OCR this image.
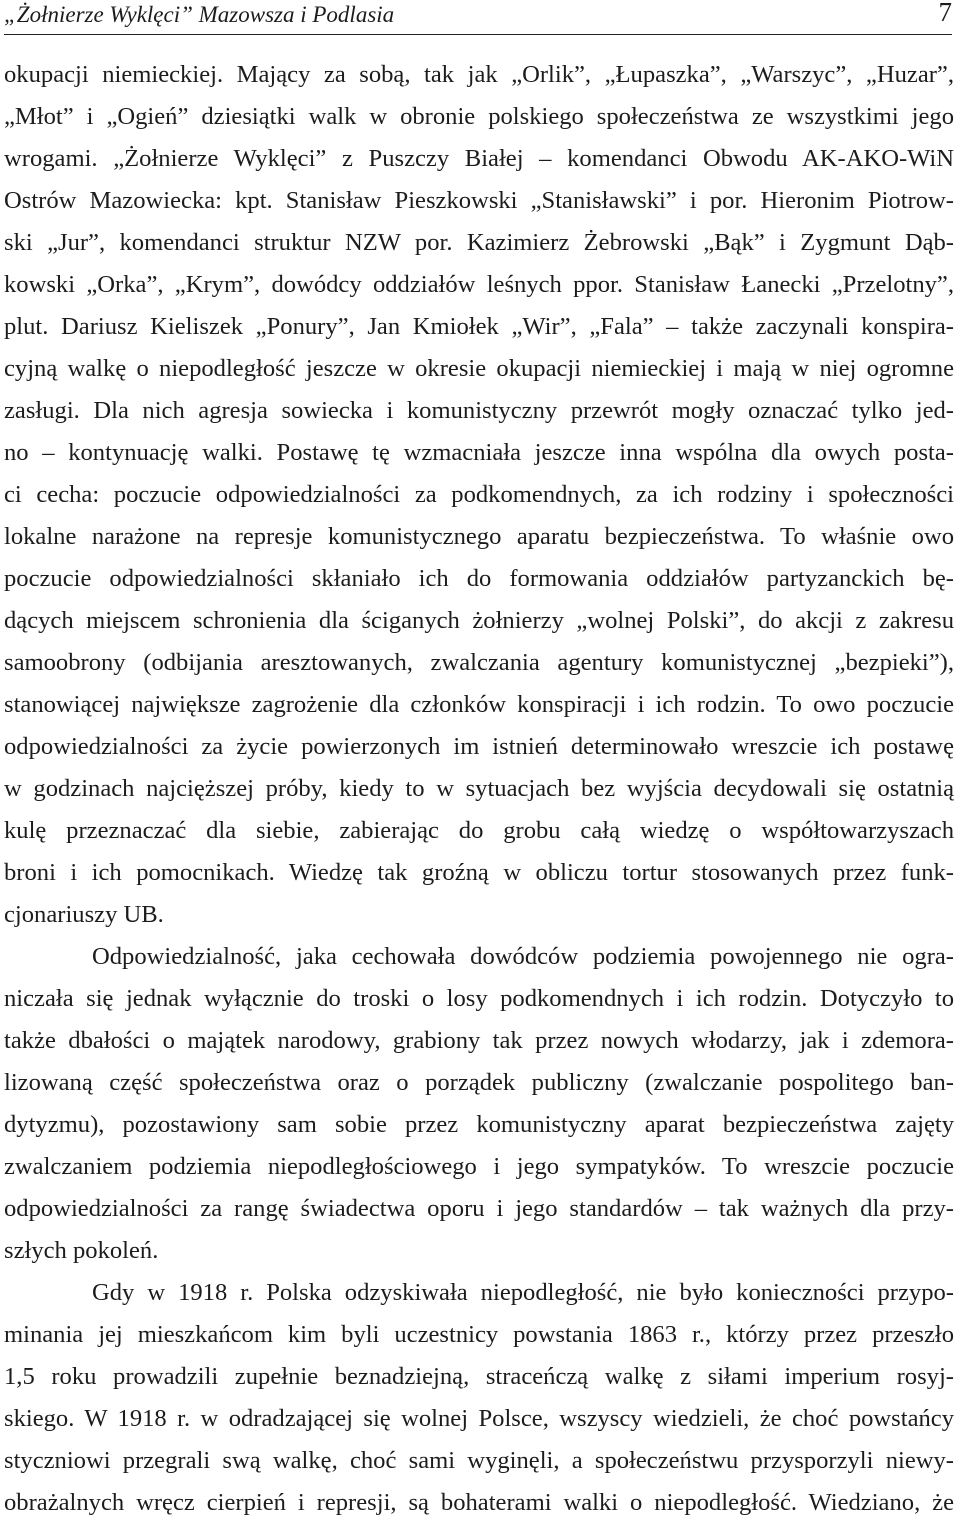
„Żołnierze Wyklęci” Mazowsza i Podlasia	7
okupacji niemieckiej. Mający za sobą, tak jak „Orlik”, „Łupaszka”, „Warszyc”, „Huzar”,
„Młot” i „Ogień” dziesiątki walk w obronie polskiego społeczeństwa ze wszystkimi jego
wrogami. „Żołnierze Wyklęci” z Puszczy Białej – komendanci Obwodu AK-AKO-WiN
Ostrów Mazowiecka: kpt. Stanisław Pieszkowski „Stanisławski” i por. Hieronim Piotrow-
ski „Jur”, komendanci struktur NZW por. Kazimierz Żebrowski „Bąk” i Zygmunt Dąb-
kowski „Orka”, „Krym”, dowódcy oddziałów leśnych ppor. Stanisław Łanecki „Przelotny”,
plut. Dariusz Kieliszek „Ponury”, Jan Kmiołek „Wir”, „Fala” – także zaczynali konspira-
cyjną walkę o niepodległość jeszcze w okresie okupacji niemieckiej i mają w niej ogromne
zasługi. Dla nich agresja sowiecka i komunistyczny przewrót mogły oznaczać tylko jed-
no – kontynuację walki. Postawę tę wzmacniała jeszcze inna wspólna dla owych posta-
ci cecha: poczucie odpowiedzialności za podkomendnych, za ich rodziny i społeczności
lokalne narażone na represje komunistycznego aparatu bezpieczeństwa. To właśnie owo
poczucie odpowiedzialności skłaniało ich do formowania oddziałów partyzanckich bę-
dących miejscem schronienia dla ściganych żołnierzy „wolnej Polski”, do akcji z zakresu
samoobrony (odbijania aresztowanych, zwalczania agentury komunistycznej „bezpieki”),
stanowiącej największe zagrożenie dla członków konspiracji i ich rodzin. To owo poczucie
odpowiedzialności za życie powierzonych im istnień determinowało wreszcie ich postawę
w godzinach najcięższej próby, kiedy to w sytuacjach bez wyjścia decydowali się ostatnią
kulę przeznaczać dla siebie, zabierając do grobu całą wiedzę o współtowarzyszach
broni i ich pomocnikach. Wiedzę tak groźną w obliczu tortur stosowanych przez funk-
cjonariuszy UB.
Odpowiedzialność, jaka cechowała dowódców podziemia powojennego nie ogra-
niczała się jednak wyłącznie do troski o losy podkomendnych i ich rodzin. Dotyczyło to
także dbałości o majątek narodowy, grabiony tak przez nowych włodarzy, jak i zdemora-
lizowaną część społeczeństwa oraz o porządek publiczny (zwalczanie pospolitego ban-
dytyzmu), pozostawiony sam sobie przez komunistyczny aparat bezpieczeństwa zajęty
zwalczaniem podziemia niepodległościowego i jego sympatyków. To wreszcie poczucie
odpowiedzialności za rangę świadectwa oporu i jego standardów – tak ważnych dla przy-
szłych pokoleń.
Gdy w 1918 r. Polska odzyskiwała niepodległość, nie było konieczności przypo-
minania jej mieszkańcom kim byli uczestnicy powstania 1863 r., którzy przez przeszło
1,5 roku prowadzili zupełnie beznadziejną, straceńczą walkę z siłami imperium rosyj-
skiego. W 1918 r. w odradzającej się wolnej Polsce, wszyscy wiedzieli, że choć powstańcy
styczniowi przegrali swą walkę, choć sami wyginęli, a społeczeństwu przysporzyli niewy-
obrażalnych wręcz cierpień i represji, są bohaterami walki o niepodległość. Wiedziano, że
